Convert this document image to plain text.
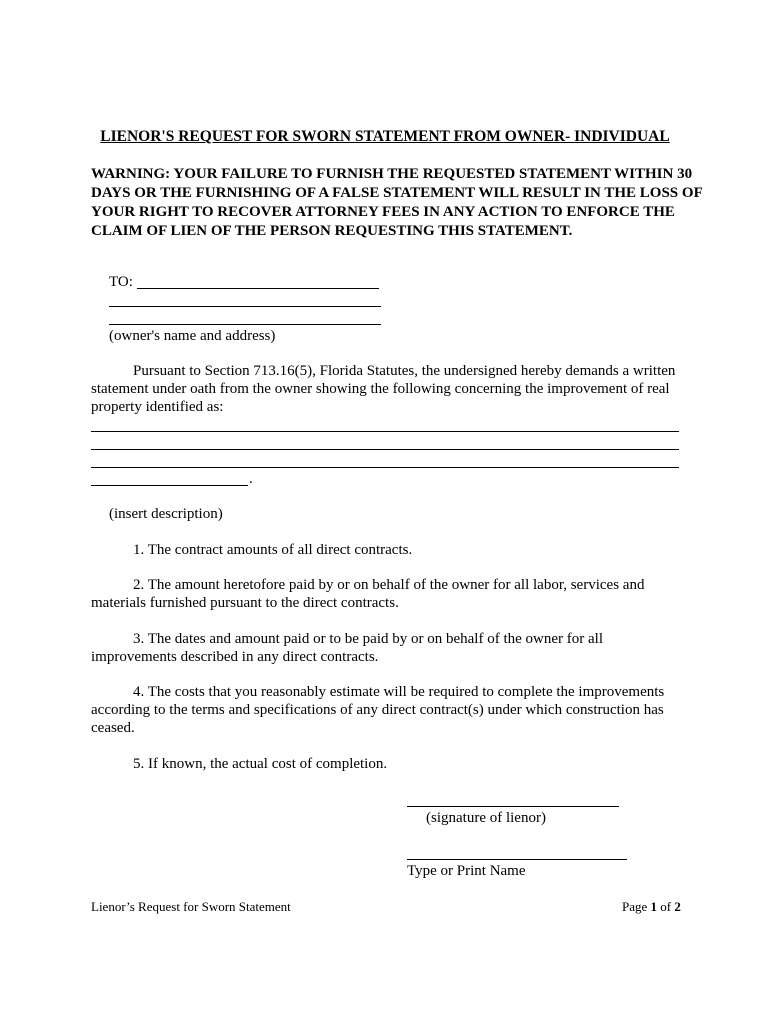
LIENOR'S REQUEST FOR SWORN STATEMENT FROM OWNER- INDIVIDUAL
WARNING: YOUR FAILURE TO FURNISH THE REQUESTED STATEMENT WITHIN 30 DAYS OR THE FURNISHING OF A FALSE STATEMENT WILL RESULT IN THE LOSS OF YOUR RIGHT TO RECOVER ATTORNEY FEES IN ANY ACTION TO ENFORCE THE CLAIM OF LIEN OF THE PERSON REQUESTING THIS STATEMENT.
TO:
(owner's name and address)
Pursuant to Section 713.16(5), Florida Statutes, the undersigned hereby demands a written statement under oath from the owner showing the following concerning the improvement of real property identified as:
.
(insert description)
1. The contract amounts of all direct contracts.
2. The amount heretofore paid by or on behalf of the owner for all labor, services and materials furnished pursuant to the direct contracts.
3. The dates and amount paid or to be paid by or on behalf of the owner for all improvements described in any direct contracts.
4. The costs that you reasonably estimate will be required to complete the improvements according to the terms and specifications of any direct contract(s) under which construction has ceased.
5. If known, the actual cost of completion.
(signature of lienor)
Type or Print Name
Lienor’s Request for Sworn Statement	Page 1 of 2
